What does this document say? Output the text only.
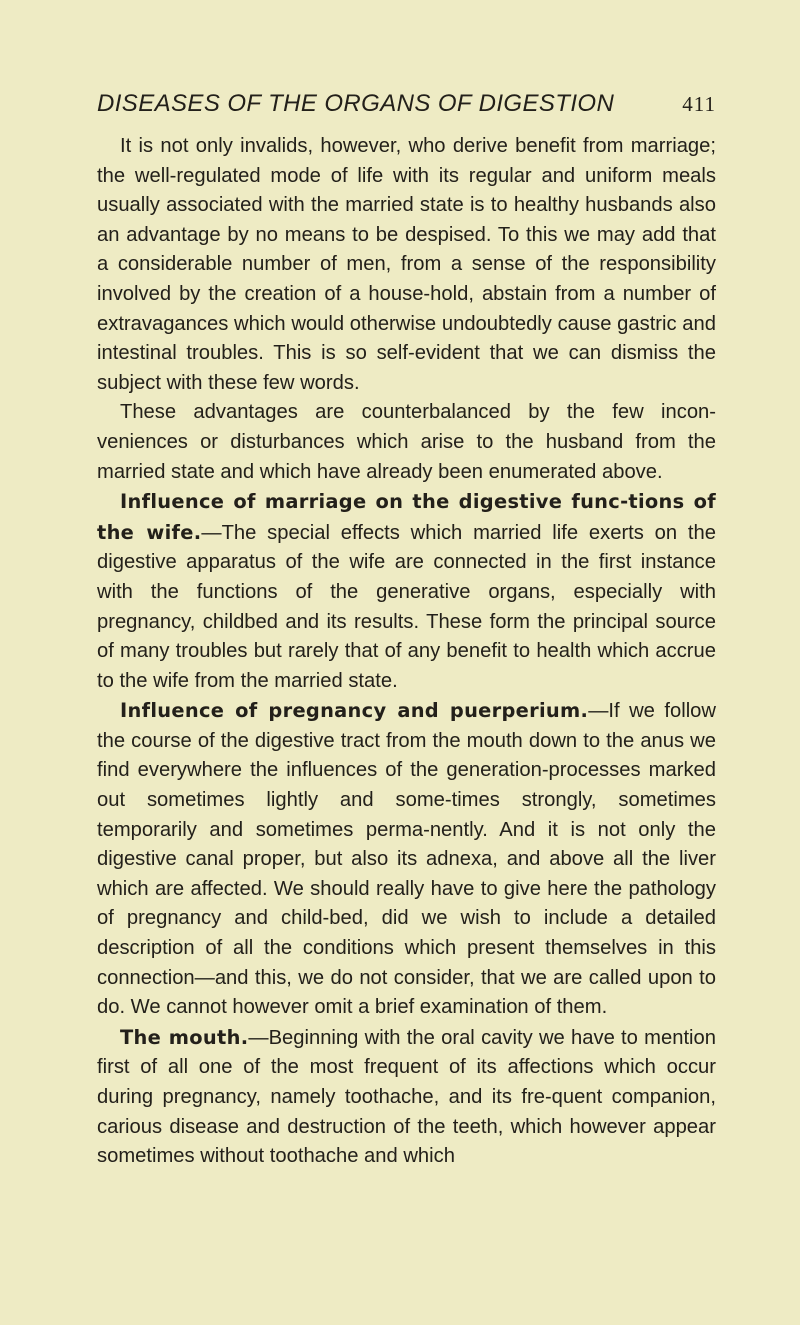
DISEASES OF THE ORGANS OF DIGESTION	411

It is not only invalids, however, who derive benefit from marriage; the well-regulated mode of life with its regular and uniform meals usually associated with the married state is to healthy husbands also an advantage by no means to be despised. To this we may add that a considerable number of men, from a sense of the responsibility involved by the creation of a house-hold, abstain from a number of extravagances which would otherwise undoubtedly cause gastric and intestinal troubles. This is so self-evident that we can dismiss the subject with these few words.

These advantages are counterbalanced by the few incon-veniences or disturbances which arise to the husband from the married state and which have already been enumerated above.

Influence of marriage on the digestive func-tions of the wife.—The special effects which married life exerts on the digestive apparatus of the wife are connected in the first instance with the functions of the generative organs, especially with pregnancy, childbed and its results. These form the principal source of many troubles but rarely that of any benefit to health which accrue to the wife from the married state.

Influence of pregnancy and puerperium.—If we follow the course of the digestive tract from the mouth down to the anus we find everywhere the influences of the generation-processes marked out sometimes lightly and some-times strongly, sometimes temporarily and sometimes perma-nently. And it is not only the digestive canal proper, but also its adnexa, and above all the liver which are affected. We should really have to give here the pathology of pregnancy and child-bed, did we wish to include a detailed description of all the conditions which present themselves in this connection—and this, we do not consider, that we are called upon to do. We cannot however omit a brief examination of them.

The mouth.—Beginning with the oral cavity we have to mention first of all one of the most frequent of its affections which occur during pregnancy, namely toothache, and its fre-quent companion, carious disease and destruction of the teeth, which however appear sometimes without toothache and which
